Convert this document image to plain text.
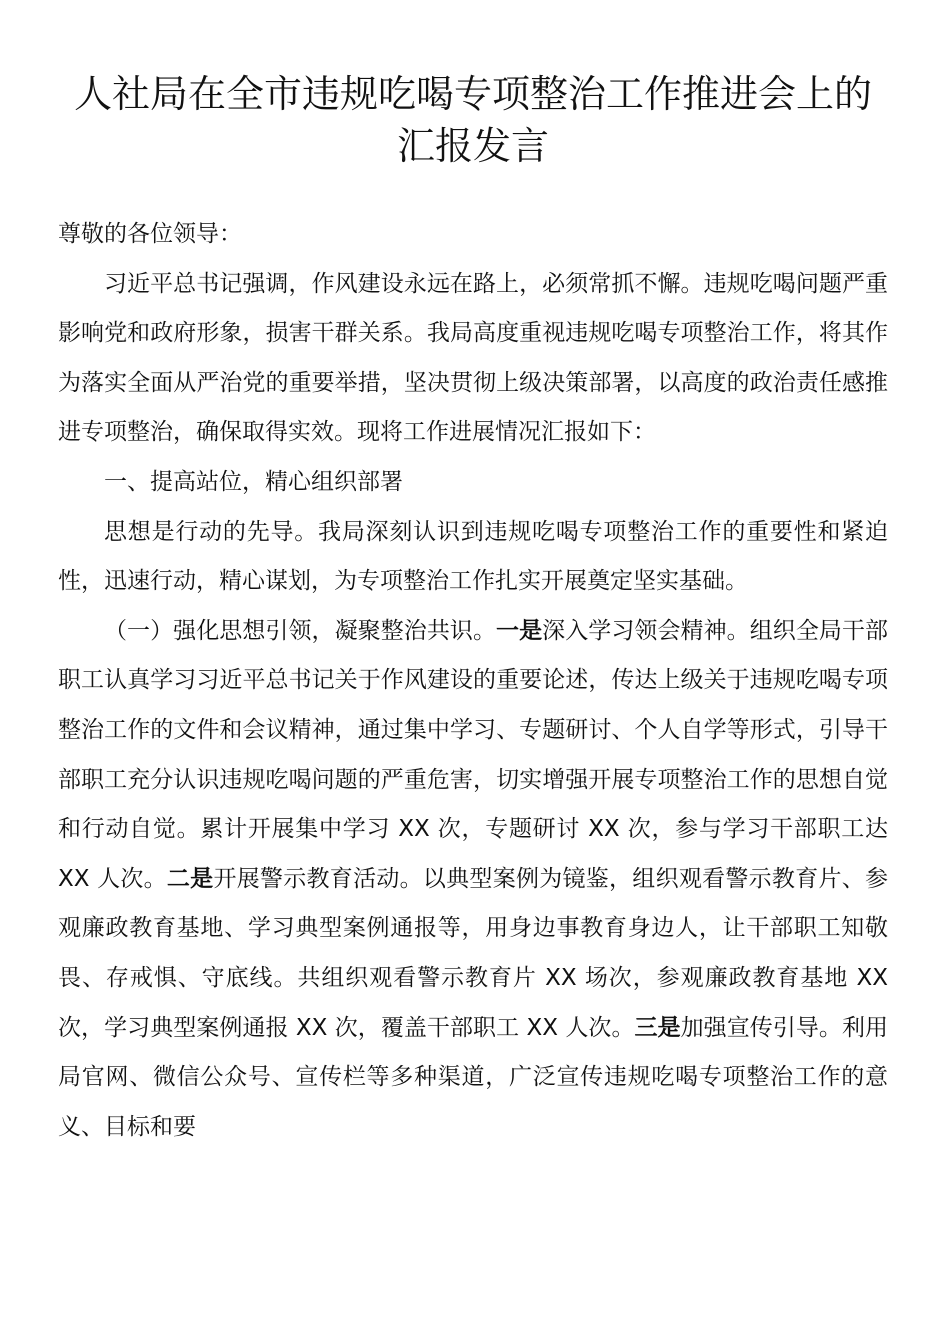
人社局在全市违规吃喝专项整治工作推进会上的汇报发言

尊敬的各位领导：

习近平总书记强调，作风建设永远在路上，必须常抓不懈。违规吃喝问题严重影响党和政府形象，损害干群关系。我局高度重视违规吃喝专项整治工作，将其作为落实全面从严治党的重要举措，坚决贯彻上级决策部署，以高度的政治责任感推进专项整治，确保取得实效。现将工作进展情况汇报如下：

一、提高站位，精心组织部署

思想是行动的先导。我局深刻认识到违规吃喝专项整治工作的重要性和紧迫性，迅速行动，精心谋划，为专项整治工作扎实开展奠定坚实基础。

（一）强化思想引领，凝聚整治共识。一是深入学习领会精神。组织全局干部职工认真学习习近平总书记关于作风建设的重要论述，传达上级关于违规吃喝专项整治工作的文件和会议精神，通过集中学习、专题研讨、个人自学等形式，引导干部职工充分认识违规吃喝问题的严重危害，切实增强开展专项整治工作的思想自觉和行动自觉。累计开展集中学习 XX 次，专题研讨 XX 次，参与学习干部职工达 XX 人次。二是开展警示教育活动。以典型案例为镜鉴，组织观看警示教育片、参观廉政教育基地、学习典型案例通报等，用身边事教育身边人，让干部职工知敬畏、存戒惧、守底线。共组织观看警示教育片 XX 场次，参观廉政教育基地 XX 次，学习典型案例通报 XX 次，覆盖干部职工 XX 人次。三是加强宣传引导。利用局官网、微信公众号、宣传栏等多种渠道，广泛宣传违规吃喝专项整治工作的意义、目标和要
